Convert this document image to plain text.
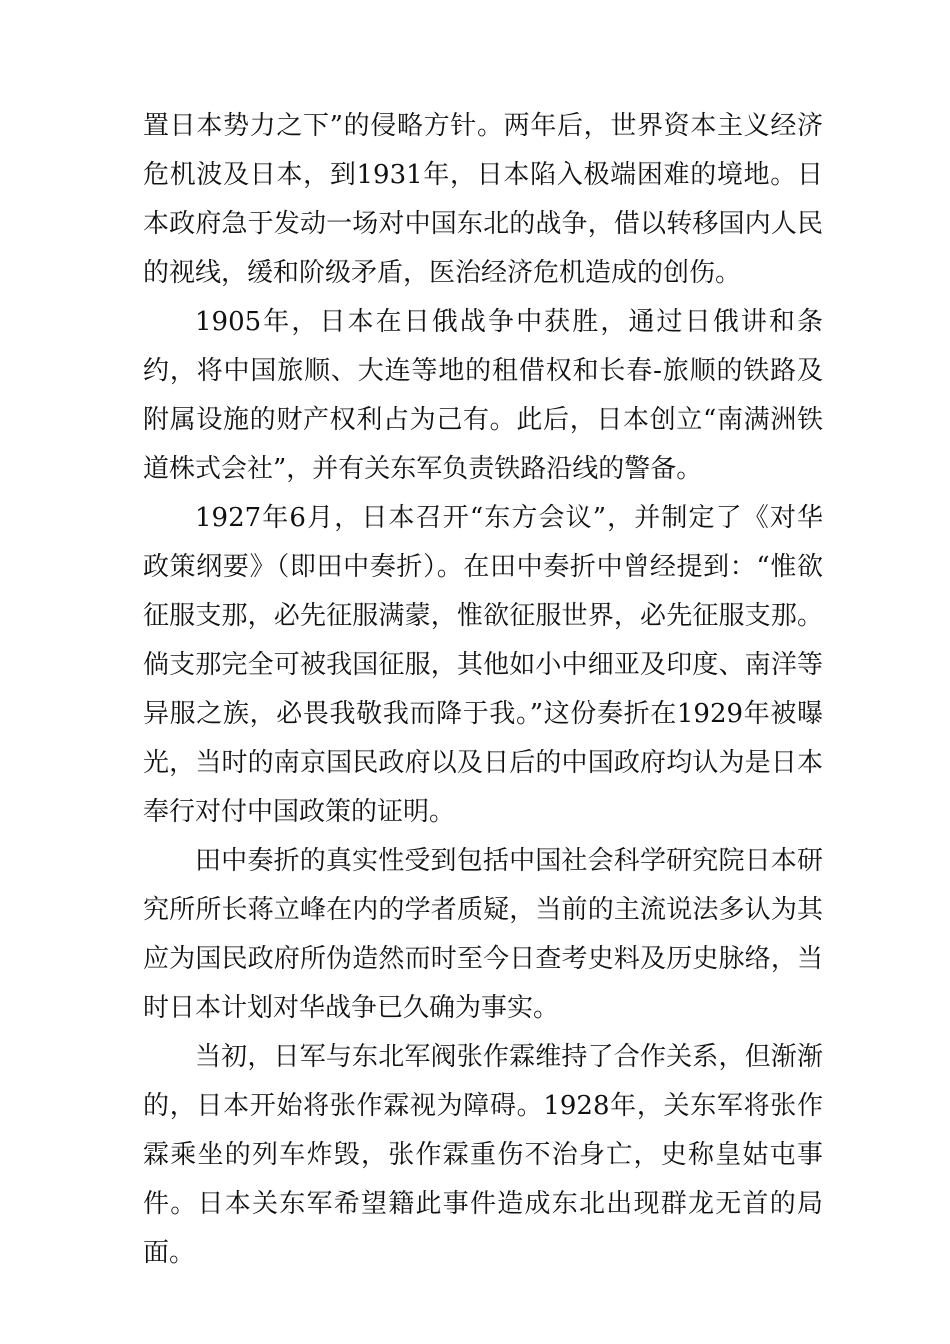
置日本势力之下”的侵略方针。两年后，世界资本主义经济危机波及日本，到1931年，日本陷入极端困难的境地。日本政府急于发动一场对中国东北的战争，借以转移国内人民的视线，缓和阶级矛盾，医治经济危机造成的创伤。

1905年，日本在日俄战争中获胜，通过日俄讲和条约，将中国旅顺、大连等地的租借权和长春-旅顺的铁路及附属设施的财产权利占为己有。此后，日本创立“南满洲铁道株式会社”，并有关东军负责铁路沿线的警备。

1927年6月，日本召开“东方会议”，并制定了《对华政策纲要》（即田中奏折）。在田中奏折中曾经提到：“惟欲征服支那，必先征服满蒙，惟欲征服世界，必先征服支那。倘支那完全可被我国征服，其他如小中细亚及印度、南洋等异服之族，必畏我敬我而降于我。”这份奏折在1929年被曝光，当时的南京国民政府以及日后的中国政府均认为是日本奉行对付中国政策的证明。

田中奏折的真实性受到包括中国社会科学研究院日本研究所所长蒋立峰在内的学者质疑，当前的主流说法多认为其应为国民政府所伪造然而时至今日查考史料及历史脉络，当时日本计划对华战争已久确为事实。

当初，日军与东北军阀张作霖维持了合作关系，但渐渐的，日本开始将张作霖视为障碍。1928年，关东军将张作霖乘坐的列车炸毁，张作霖重伤不治身亡，史称皇姑屯事件。日本关东军希望籍此事件造成东北出现群龙无首的局面。
